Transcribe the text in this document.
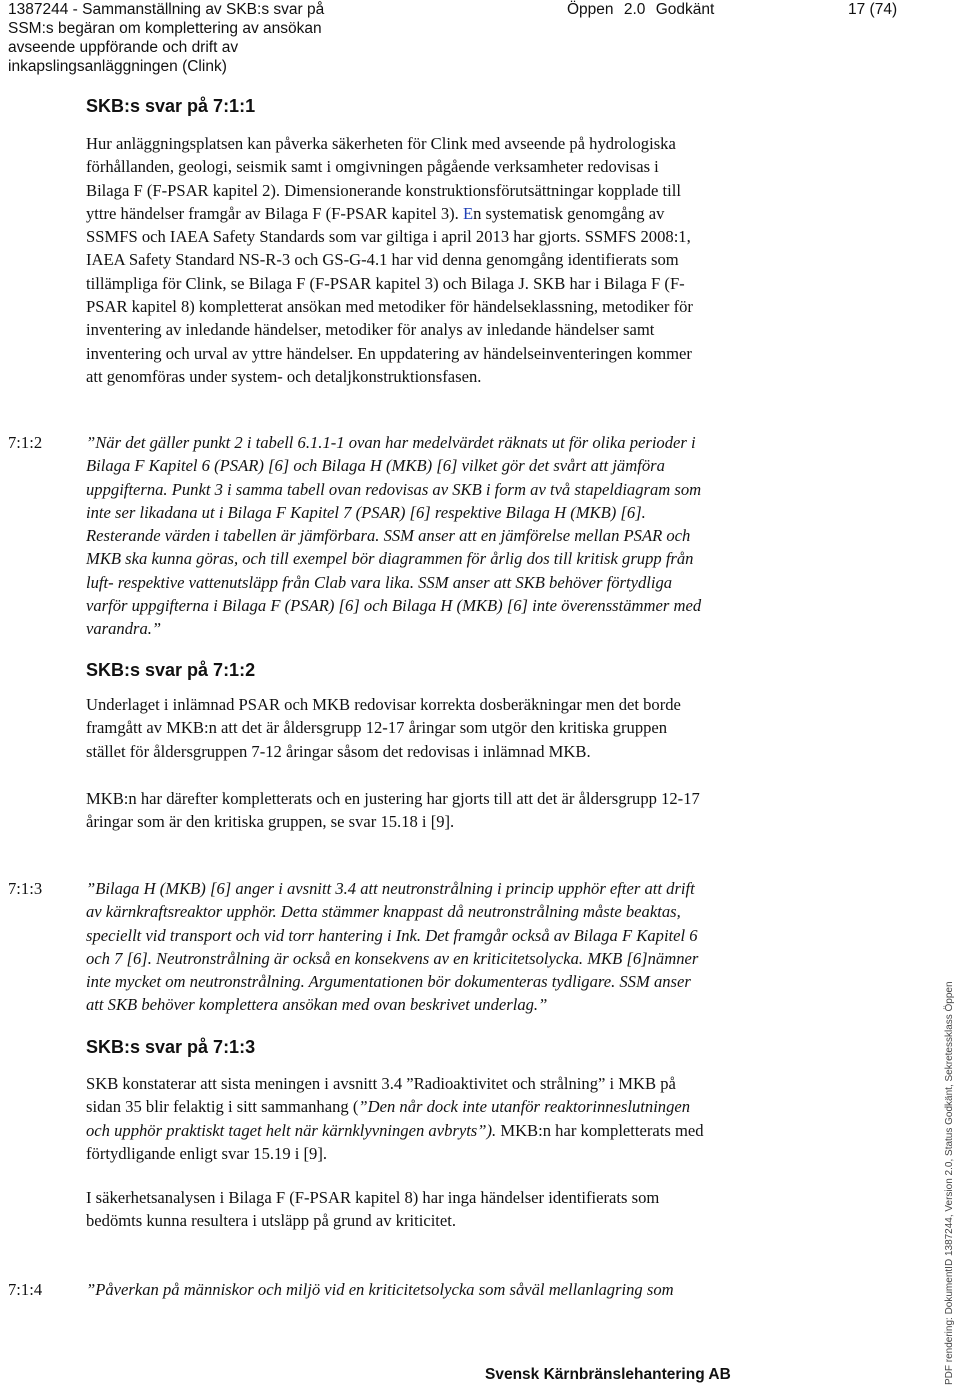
1387244 - Sammanställning av SKB:s svar på
SSM:s begäran om komplettering av ansökan
avseende uppförande och drift av
inkapslingsanläggningen (Clink)
Öppen 2.0 Godkänt	17 (74)
SKB:s svar på 7:1:1
Hur anläggningsplatsen kan påverka säkerheten för Clink med avseende på hydrologiska
förhållanden, geologi, seismik samt i omgivningen pågående verksamheter redovisas i
Bilaga F (F-PSAR kapitel 2). Dimensionerande konstruktionsförutsättningar kopplade till
yttre händelser framgår av Bilaga F (F-PSAR kapitel 3). En systematisk genomgång av
SSMFS och IAEA Safety Standards som var giltiga i april 2013 har gjorts. SSMFS 2008:1,
IAEA Safety Standard NS-R-3 och GS-G-4.1 har vid denna genomgång identifierats som
tillämpliga för Clink, se Bilaga F (F-PSAR kapitel 3) och Bilaga J. SKB har i Bilaga F (F-
PSAR kapitel 8) kompletterat ansökan med metodiker för händelseklassning, metodiker för
inventering av inledande händelser, metodiker för analys av inledande händelser samt
inventering och urval av yttre händelser. En uppdatering av händelseinventeringen kommer
att genomföras under system- och detaljkonstruktionsfasen.
7:1:2	”När det gäller punkt 2 i tabell 6.1.1-1 ovan har medelvärdet räknats ut för olika perioder i
Bilaga F Kapitel 6 (PSAR) [6] och Bilaga H (MKB) [6] vilket gör det svårt att jämföra
uppgifterna. Punkt 3 i samma tabell ovan redovisas av SKB i form av två stapeldiagram som
inte ser likadana ut i Bilaga F Kapitel 7 (PSAR) [6] respektive Bilaga H (MKB) [6].
Resterande värden i tabellen är jämförbara. SSM anser att en jämförelse mellan PSAR och
MKB ska kunna göras, och till exempel bör diagrammen för årlig dos till kritisk grupp från
luft- respektive vattenutsläpp från Clab vara lika. SSM anser att SKB behöver förtydliga
varför uppgifterna i Bilaga F (PSAR) [6] och Bilaga H (MKB) [6] inte överensstämmer med
varandra.”
SKB:s svar på 7:1:2
Underlaget i inlämnad PSAR och MKB redovisar korrekta dosberäkningar men det borde
framgått av MKB:n att det är åldersgrupp 12-17 åringar som utgör den kritiska gruppen
stället för åldersgruppen 7-12 åringar såsom det redovisas i inlämnad MKB.
MKB:n har därefter kompletterats och en justering har gjorts till att det är åldersgrupp 12-17
åringar som är den kritiska gruppen, se svar 15.18 i [9].
7:1:3	”Bilaga H (MKB) [6] anger i avsnitt 3.4 att neutronstrålning i princip upphör efter att drift
av kärnkraftsreaktor upphör. Detta stämmer knappast då neutronstrålning måste beaktas,
speciellt vid transport och vid torr hantering i Ink. Det framgår också av Bilaga F Kapitel 6
och 7 [6]. Neutronstrålning är också en konsekvens av en kriticitetsolycka. MKB [6]nämner
inte mycket om neutronstrålning. Argumentationen bör dokumenteras tydligare. SSM anser
att SKB behöver komplettera ansökan med ovan beskrivet underlag.”
SKB:s svar på 7:1:3
SKB konstaterar att sista meningen i avsnitt 3.4 ”Radioaktivitet och strålning” i MKB på
sidan 35 blir felaktig i sitt sammanhang (”Den når dock inte utanför reaktorinneslutningen
och upphör praktiskt taget helt när kärnklyvningen avbryts”). MKB:n har kompletterats med
förtydligande enligt svar 15.19 i [9].
I säkerhetsanalysen i Bilaga F (F-PSAR kapitel 8) har inga händelser identifierats som
bedömts kunna resultera i utsläpp på grund av kriticitet.
7:1:4	”Påverkan på människor och miljö vid en kriticitetsolycka som såväl mellanlagring som
Svensk Kärnbränslehantering AB	PDF rendering: DokumentID 1387244, Version 2.0, Status Godkänt, Sekretessklass Öppen
